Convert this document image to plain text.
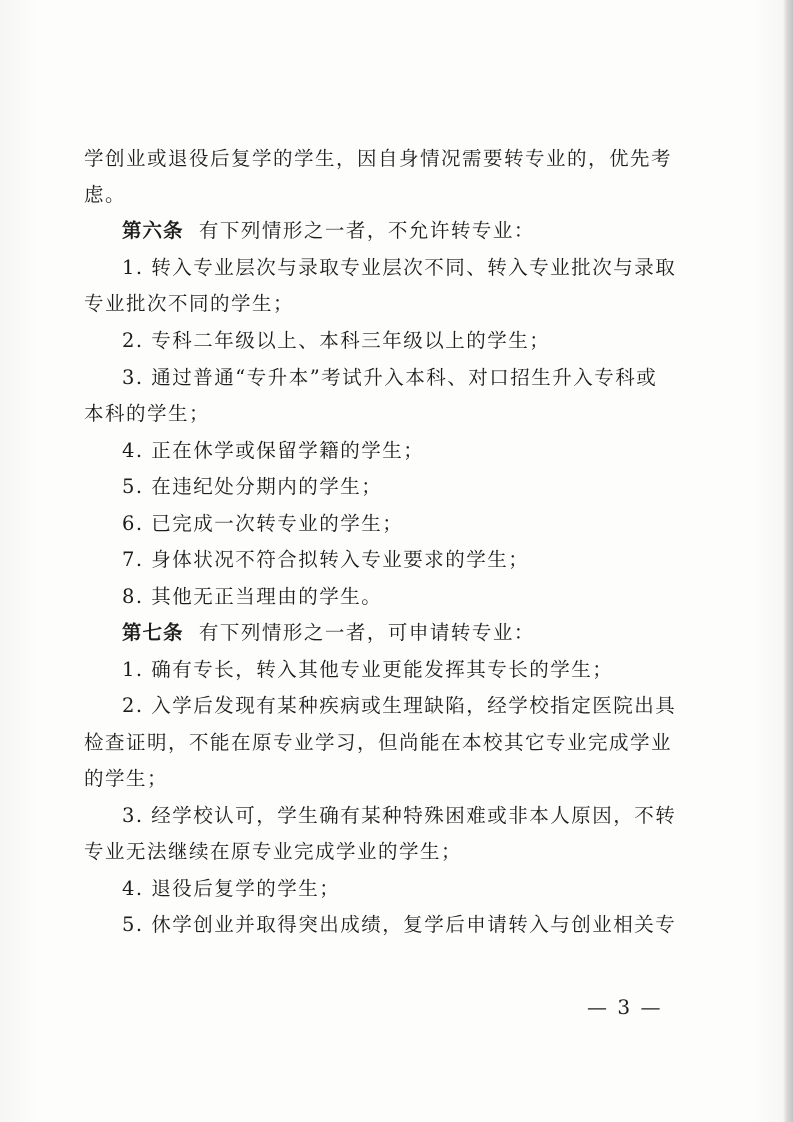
学创业或退役后复学的学生，因自身情况需要转专业的，优先考
虑。
第六条 有下列情形之一者，不允许转专业：
1. 转入专业层次与录取专业层次不同、转入专业批次与录取
专业批次不同的学生；
2. 专科二年级以上、本科三年级以上的学生；
3. 通过普通“专升本”考试升入本科、对口招生升入专科或
本科的学生；
4. 正在休学或保留学籍的学生；
5. 在违纪处分期内的学生；
6. 已完成一次转专业的学生；
7. 身体状况不符合拟转入专业要求的学生；
8. 其他无正当理由的学生。
第七条 有下列情形之一者，可申请转专业：
1. 确有专长，转入其他专业更能发挥其专长的学生；
2. 入学后发现有某种疾病或生理缺陷，经学校指定医院出具
检查证明，不能在原专业学习，但尚能在本校其它专业完成学业
的学生；
3. 经学校认可，学生确有某种特殊困难或非本人原因，不转
专业无法继续在原专业完成学业的学生；
4. 退役后复学的学生；
5. 休学创业并取得突出成绩，复学后申请转入与创业相关专
— 3 —
